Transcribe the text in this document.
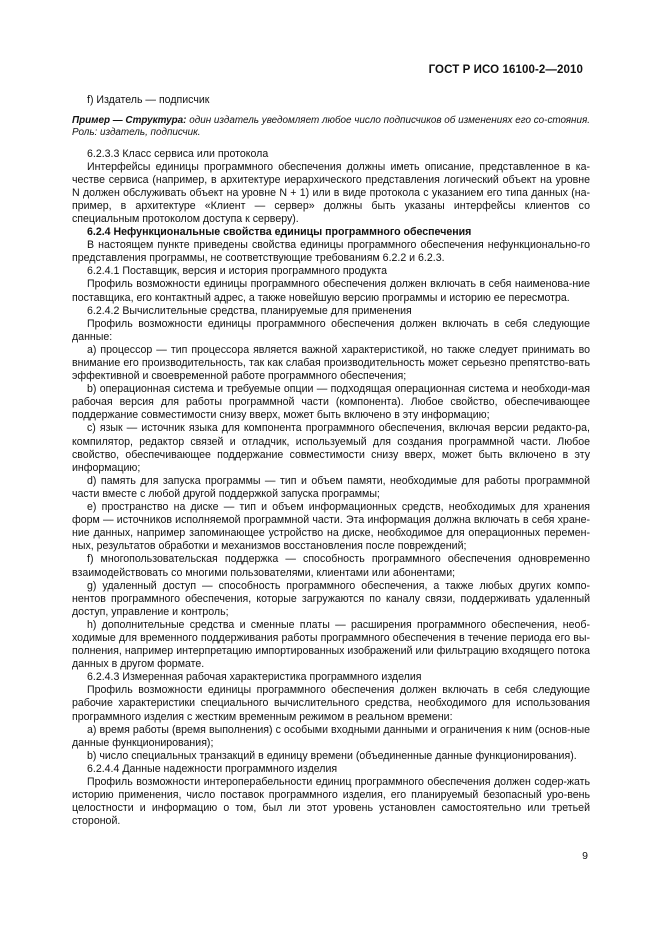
ГОСТ Р ИСО 16100-2—2010

f) Издатель — подписчик

Пример — Структура: один издатель уведомляет любое число подписчиков об изменениях его со-стояния. Роль: издатель, подписчик.

6.2.3.3 Класс сервиса или протокола

Интерфейсы единицы программного обеспечения должны иметь описание, представленное в ка-честве сервиса (например, в архитектуре иерархического представления логический объект на уровне N должен обслуживать объект на уровне N + 1) или в виде протокола с указанием его типа данных (на-пример, в архитектуре «Клиент — сервер» должны быть указаны интерфейсы клиентов со специальным протоколом доступа к серверу).

6.2.4 Нефункциональные свойства единицы программного обеспечения

В настоящем пункте приведены свойства единицы программного обеспечения нефункционально-го представления программы, не соответствующие требованиям 6.2.2 и 6.2.3.

6.2.4.1 Поставщик, версия и история программного продукта

Профиль возможности единицы программного обеспечения должен включать в себя наименова-ние поставщика, его контактный адрес, а также новейшую версию программы и историю ее пересмотра.

6.2.4.2 Вычислительные средства, планируемые для применения

Профиль возможности единицы программного обеспечения должен включать в себя следующие данные:

a) процессор — тип процессора является важной характеристикой, но также следует принимать во внимание его производительность, так как слабая производительность может серьезно препятство-вать эффективной и своевременной работе программного обеспечения;

b) операционная система и требуемые опции — подходящая операционная система и необходи-мая рабочая версия для работы программной части (компонента). Любое свойство, обеспечивающее поддержание совместимости снизу вверх, может быть включено в эту информацию;

c) язык — источник языка для компонента программного обеспечения, включая версии редакто-ра, компилятор, редактор связей и отладчик, используемый для создания программной части. Любое свойство, обеспечивающее поддержание совместимости снизу вверх, может быть включено в эту информацию;

d) память для запуска программы — тип и объем памяти, необходимые для работы программной части вместе с любой другой поддержкой запуска программы;

e) пространство на диске — тип и объем информационных средств, необходимых для хранения форм — источников исполняемой программной части. Эта информация должна включать в себя хране-ние данных, например запоминающее устройство на диске, необходимое для операционных перемен-ных, результатов обработки и механизмов восстановления после повреждений;

f) многопользовательская поддержка — способность программного обеспечения одновременно взаимодействовать со многими пользователями, клиентами или абонентами;

g) удаленный доступ — способность программного обеспечения, а также любых других компо-нентов программного обеспечения, которые загружаются по каналу связи, поддерживать удаленный доступ, управление и контроль;

h) дополнительные средства и сменные платы — расширения программного обеспечения, необ-ходимые для временного поддерживания работы программного обеспечения в течение периода его вы-полнения, например интерпретацию импортированных изображений или фильтрацию входящего потока данных в другом формате.

6.2.4.3 Измеренная рабочая характеристика программного изделия

Профиль возможности единицы программного обеспечения должен включать в себя следующие рабочие характеристики специального вычислительного средства, необходимого для использования программного изделия с жестким временным режимом в реальном времени:

a) время работы (время выполнения) с особыми входными данными и ограничения к ним (основ-ные данные функционирования);

b) число специальных транзакций в единицу времени (объединенные данные функционирования).

6.2.4.4 Данные надежности программного изделия

Профиль возможности интероперабельности единиц программного обеспечения должен содер-жать историю применения, число поставок программного изделия, его планируемый безопасный уро-вень целостности и информацию о том, был ли этот уровень установлен самостоятельно или третьей стороной.

9
